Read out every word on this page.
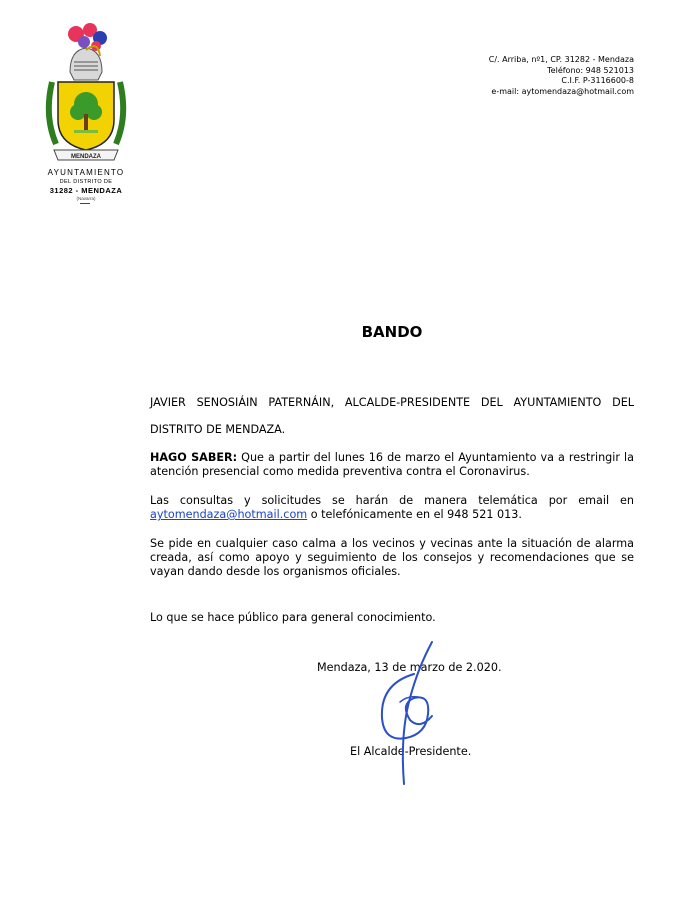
MENDAZA
AYUNTAMIENTO
DEL DISTRITO DE
31282 - MENDAZA
(Navarra)
C/. Arriba, nº1, CP. 31282 - Mendaza
Teléfono: 948 521013
C.I.F. P-3116600-8
e-mail: aytomendaza@hotmail.com
BANDO
JAVIER SENOSIÁIN PATERNÁIN, ALCALDE-PRESIDENTE DEL AYUNTAMIENTO DEL DISTRITO DE MENDAZA.
HAGO SABER: Que a partir del lunes 16 de marzo el Ayuntamiento va a restringir la atención presencial como medida preventiva contra el Coronavirus.
Las consultas y solicitudes se harán de manera telemática por email en aytomendaza@hotmail.com o telefónicamente en el 948 521 013.
Se pide en cualquier caso calma a los vecinos y vecinas ante la situación de alarma creada, así como apoyo y seguimiento de los consejos y recomendaciones que se vayan dando desde los organismos oficiales.
Lo que se hace público para general conocimiento.
Mendaza, 13 de marzo de 2.020.
El Alcalde-Presidente.
